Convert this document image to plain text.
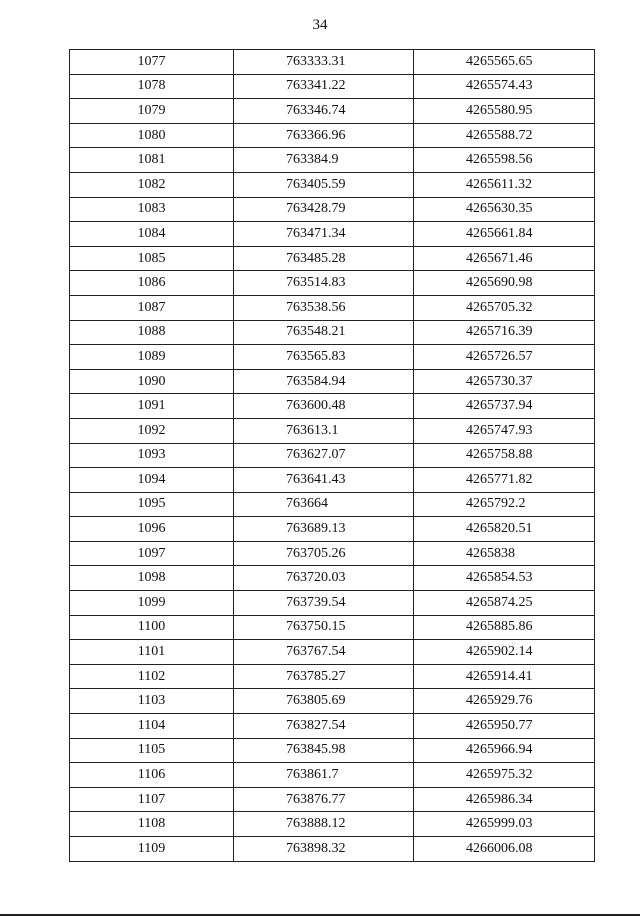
34
1077	763333.31	4265565.65
1078	763341.22	4265574.43
1079	763346.74	4265580.95
1080	763366.96	4265588.72
1081	763384.9	4265598.56
1082	763405.59	4265611.32
1083	763428.79	4265630.35
1084	763471.34	4265661.84
1085	763485.28	4265671.46
1086	763514.83	4265690.98
1087	763538.56	4265705.32
1088	763548.21	4265716.39
1089	763565.83	4265726.57
1090	763584.94	4265730.37
1091	763600.48	4265737.94
1092	763613.1	4265747.93
1093	763627.07	4265758.88
1094	763641.43	4265771.82
1095	763664	4265792.2
1096	763689.13	4265820.51
1097	763705.26	4265838
1098	763720.03	4265854.53
1099	763739.54	4265874.25
1100	763750.15	4265885.86
1101	763767.54	4265902.14
1102	763785.27	4265914.41
1103	763805.69	4265929.76
1104	763827.54	4265950.77
1105	763845.98	4265966.94
1106	763861.7	4265975.32
1107	763876.77	4265986.34
1108	763888.12	4265999.03
1109	763898.32	4266006.08
